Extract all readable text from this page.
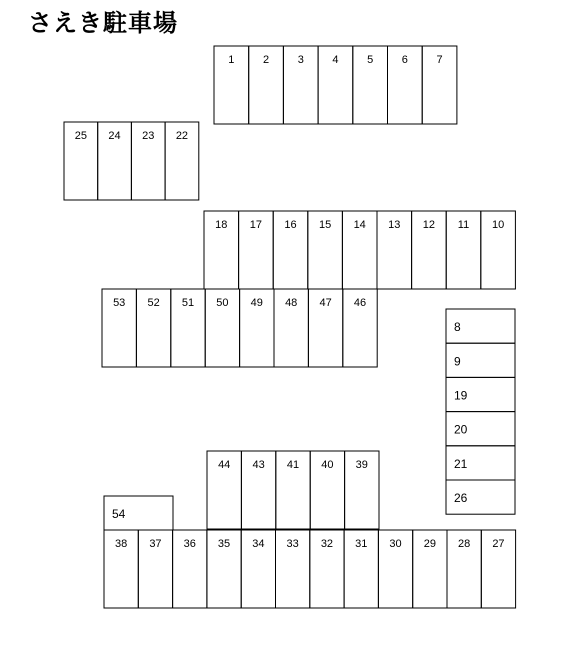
さえき駐車場
1	2	3	4	5	6	7
25 24 23 22
18 17 16 15 14 13 12 11 10
53 52 51 50 49 48 47 46
8
9
19
20
21
26
44 43 41 40 39
54
38 37 36 35 34 33 32 31 30 29 28 27
